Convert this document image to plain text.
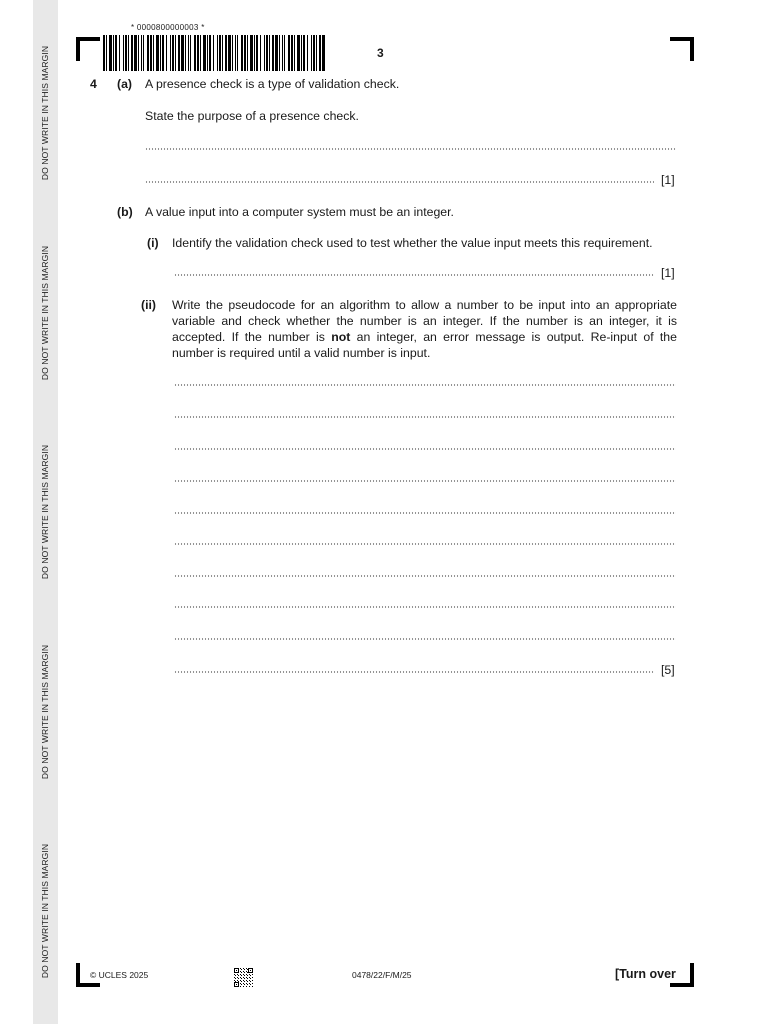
DO NOT WRITE IN THIS MARGIN
DO NOT WRITE IN THIS MARGIN
DO NOT WRITE IN THIS MARGIN
DO NOT WRITE IN THIS MARGIN
DO NOT WRITE IN THIS MARGIN
* 0000800000003 *
3
4 (a) A presence check is a type of validation check.
State the purpose of a presence check.
[1]
(b) A value input into a computer system must be an integer.
(i) Identify the validation check used to test whether the value input meets this requirement.
[1]
(ii) Write the pseudocode for an algorithm to allow a number to be input into an appropriate variable and check whether the number is an integer. If the number is an integer, it is accepted. If the number is not an integer, an error message is output. Re-input of the number is required until a valid number is input.
[5]
© UCLES 2025	0478/22/F/M/25	[Turn over
